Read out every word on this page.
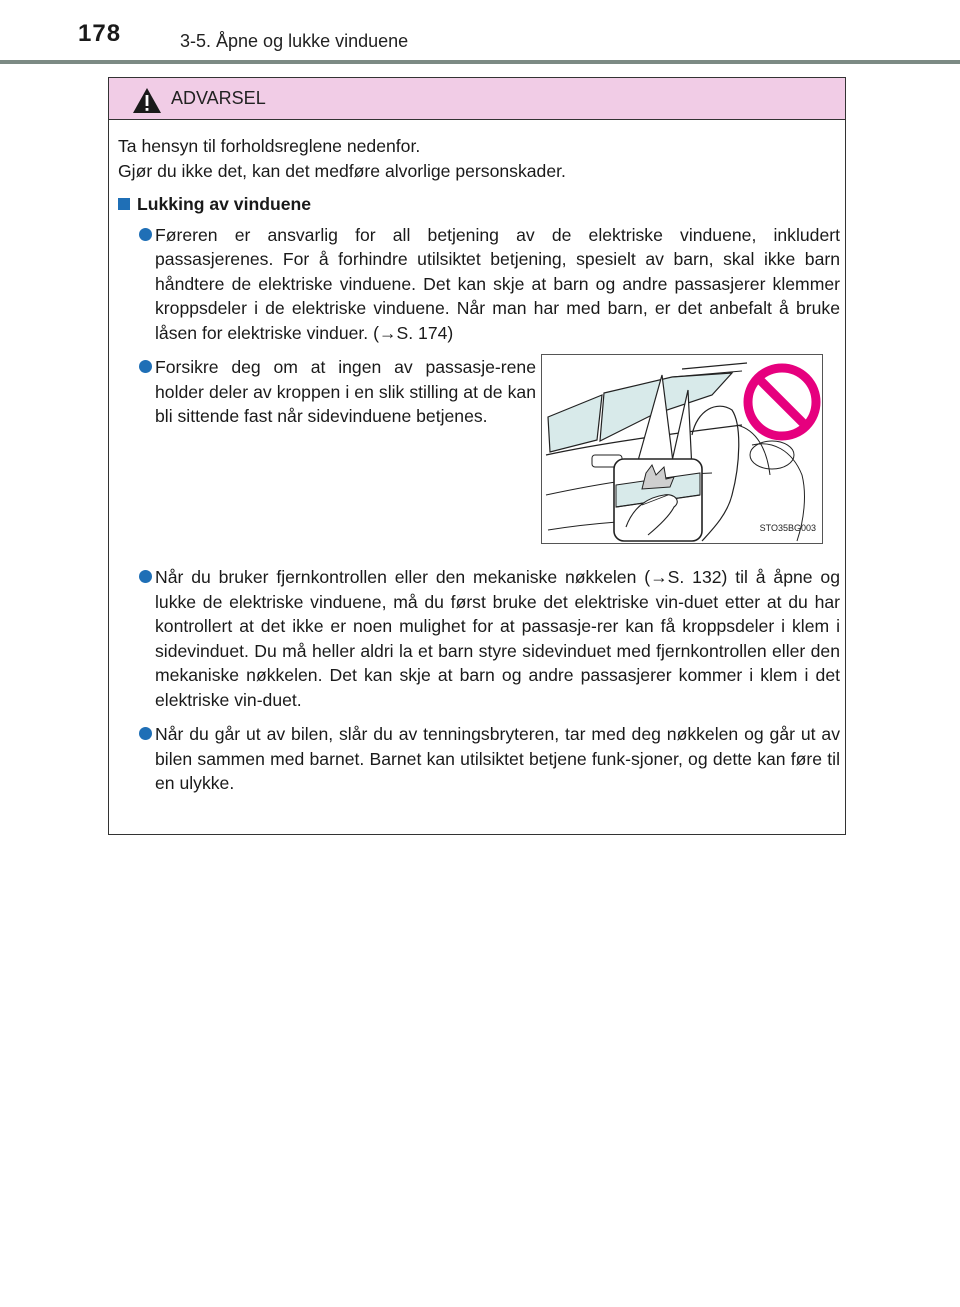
178	3-5. Åpne og lukke vinduene
ADVARSEL

Ta hensyn til forholdsreglene nedenfor.
Gjør du ikke det, kan det medføre alvorlige personskader.

Lukking av vinduene
Føreren er ansvarlig for all betjening av de elektriske vinduene, inkludert passasjerenes. For å forhindre utilsiktet betjening, spesielt av barn, skal ikke barn håndtere de elektriske vinduene. Det kan skje at barn og andre passasjerer klemmer kroppsdeler i de elektriske vinduene. Når man har med barn, er det anbefalt å bruke låsen for elektriske vinduer. (→S. 174)
Forsikre deg om at ingen av passasje-rene holder deler av kroppen i en slik stilling at de kan bli sittende fast når sidevinduene betjenes.
STO35BG003
Når du bruker fjernkontrollen eller den mekaniske nøkkelen (→S. 132) til å åpne og lukke de elektriske vinduene, må du først bruke det elektriske vin-duet etter at du har kontrollert at det ikke er noen mulighet for at passasje-rer kan få kroppsdeler i klem i sidevinduet. Du må heller aldri la et barn styre sidevinduet med fjernkontrollen eller den mekaniske nøkkelen. Det kan skje at barn og andre passasjerer kommer i klem i det elektriske vin-duet.
Når du går ut av bilen, slår du av tenningsbryteren, tar med deg nøkkelen og går ut av bilen sammen med barnet. Barnet kan utilsiktet betjene funk-sjoner, og dette kan føre til en ulykke.
